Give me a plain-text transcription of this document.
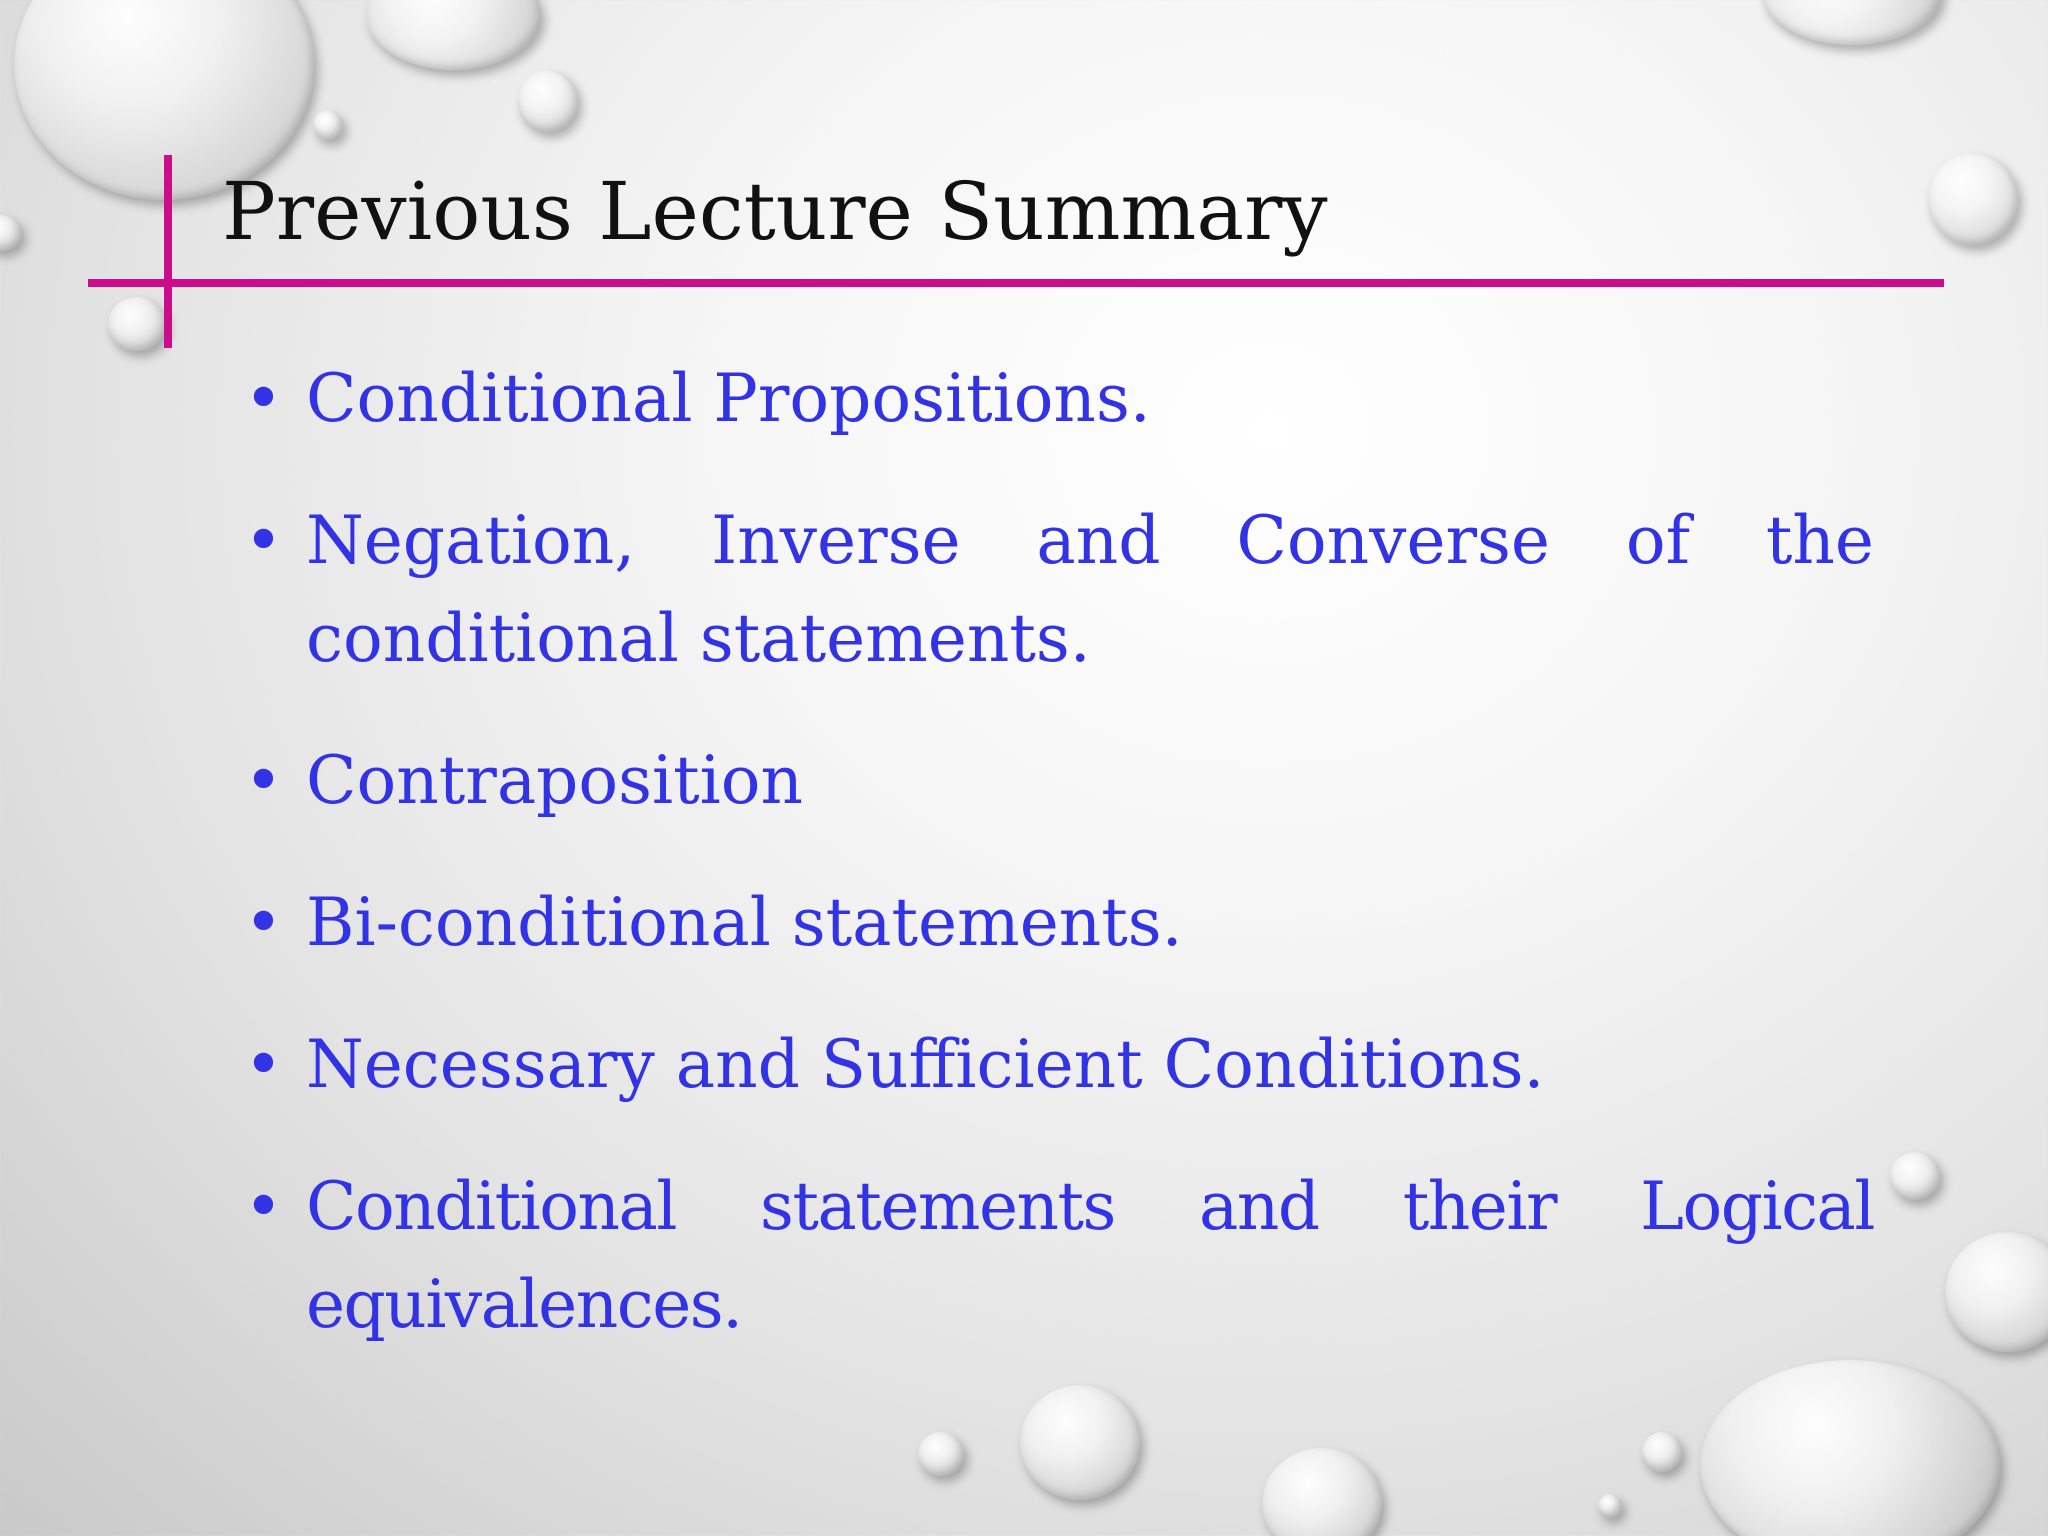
Previous Lecture Summary
• Conditional Propositions.
• Negation, Inverse and Converse of the conditional statements.
• Contraposition
• Bi-conditional statements.
• Necessary and Sufficient Conditions.
• Conditional statements and their Logical equivalences.
